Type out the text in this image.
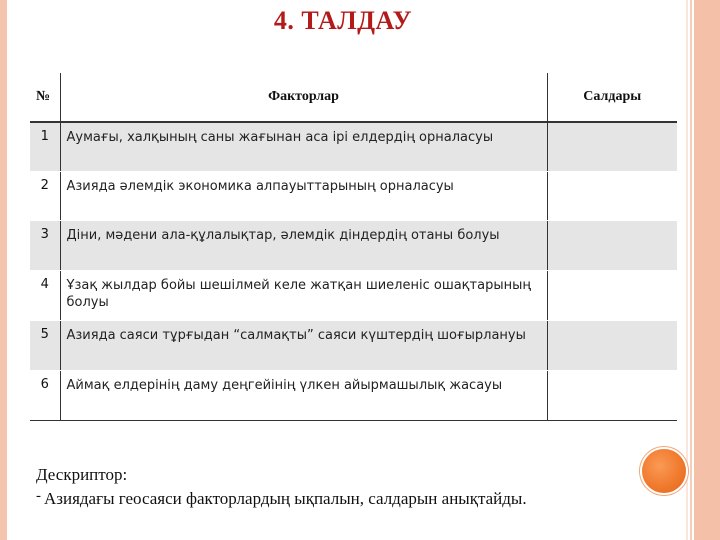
4. ТАЛДАУ
№	Факторлар	Салдары
1	Аумағы, халқының саны жағынан аса ірі елдердің орналасуы	
2	Азияда әлемдік экономика алпауыттарының орналасуы	
3	Діни, мәдени ала-құлалықтар, әлемдік діндердің отаны болуы	
4	Ұзақ жылдар бойы шешілмей келе жатқан шиеленіс ошақтарының болуы	
5	Азияда саяси тұрғыдан “салмақты” саяси күштердің шоғырлануы	
6	Аймақ елдерінің даму деңгейінің үлкен айырмашылық жасауы	
Дескриптор:
- Азиядағы геосаяси факторлардың ықпалын, салдарын анықтайды.
